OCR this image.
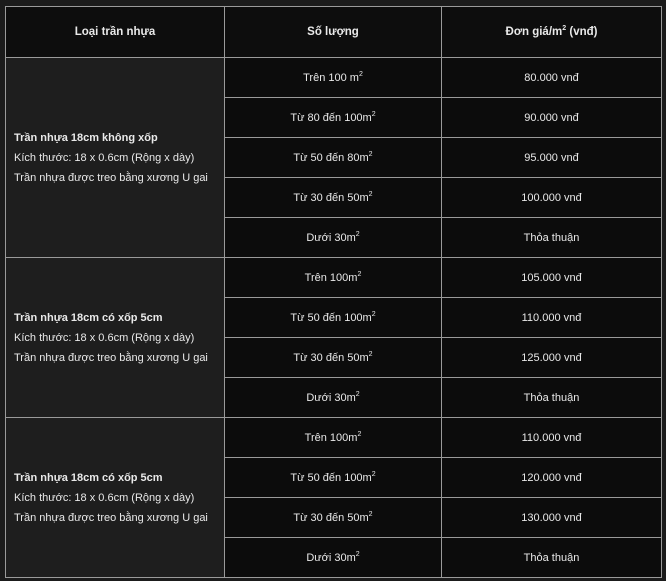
Loại trần nhựa	Số lượng	Đơn giá/$m^2$ (vnđ)

Trần nhựa 18cm không xốp
Kích thước: 18 x 0.6cm (Rộng x dày)
Trần nhựa được treo bằng xương U gai	Trên 100 $m^2$	80.000 vnđ
	Từ 80 đến $100m^2$	90.000 vnđ
	Từ 50 đến $80m^2$	95.000 vnđ
	Từ 30 đến $50m^2$	100.000 vnđ
	Dưới $30m^2$	Thỏa thuận

Trần nhựa 18cm có xốp 5cm
Kích thước: 18 x 0.6cm (Rộng x dày)
Trần nhựa được treo bằng xương U gai	Trên $100m^2$	105.000 vnđ
	Từ 50 đến $100m^2$	110.000 vnđ
	Từ 30 đến $50m^2$	125.000 vnđ
	Dưới $30m^2$	Thỏa thuận

Trần nhựa 18cm có xốp 5cm
Kích thước: 18 x 0.6cm (Rộng x dày)
Trần nhựa được treo bằng xương U gai	Trên $100m^2$	110.000 vnđ
	Từ 50 đến $100m^2$	120.000 vnđ
	Từ 30 đến $50m^2$	130.000 vnđ
	Dưới $30m^2$	Thỏa thuận
